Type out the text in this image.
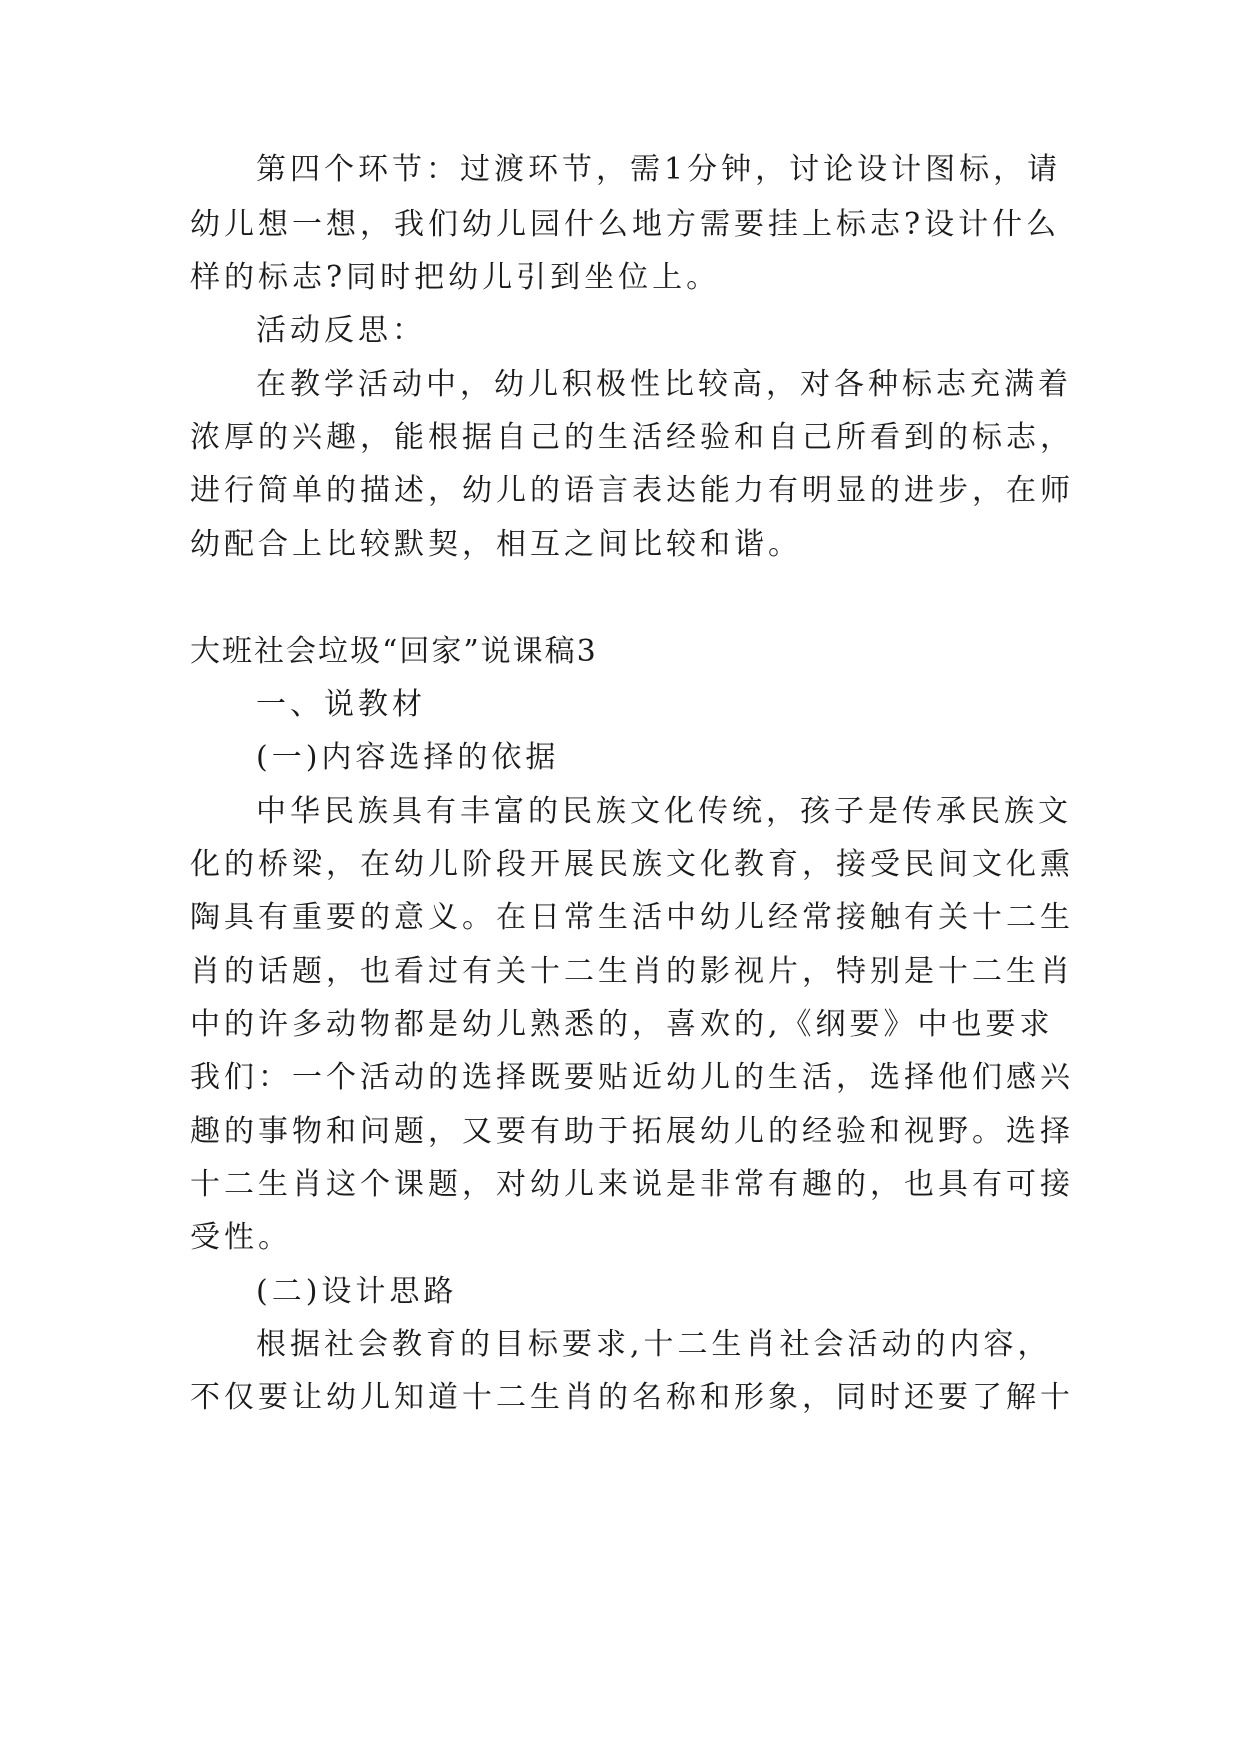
第四个环节：过渡环节，需1分钟，讨论设计图标，请
幼儿想一想，我们幼儿园什么地方需要挂上标志?设计什么
样的标志?同时把幼儿引到坐位上。
活动反思：
在教学活动中，幼儿积极性比较高，对各种标志充满着
浓厚的兴趣，能根据自己的生活经验和自己所看到的标志，
进行简单的描述，幼儿的语言表达能力有明显的进步，在师
幼配合上比较默契，相互之间比较和谐。
大班社会垃圾“回家”说课稿3
一、说教材
(一)内容选择的依据
中华民族具有丰富的民族文化传统，孩子是传承民族文
化的桥梁，在幼儿阶段开展民族文化教育，接受民间文化熏
陶具有重要的意义。在日常生活中幼儿经常接触有关十二生
肖的话题，也看过有关十二生肖的影视片，特别是十二生肖
中的许多动物都是幼儿熟悉的，喜欢的,《纲要》中也要求
我们：一个活动的选择既要贴近幼儿的生活，选择他们感兴
趣的事物和问题，又要有助于拓展幼儿的经验和视野。选择
十二生肖这个课题，对幼儿来说是非常有趣的，也具有可接
受性。
(二)设计思路
根据社会教育的目标要求,十二生肖社会活动的内容，
不仅要让幼儿知道十二生肖的名称和形象，同时还要了解十
